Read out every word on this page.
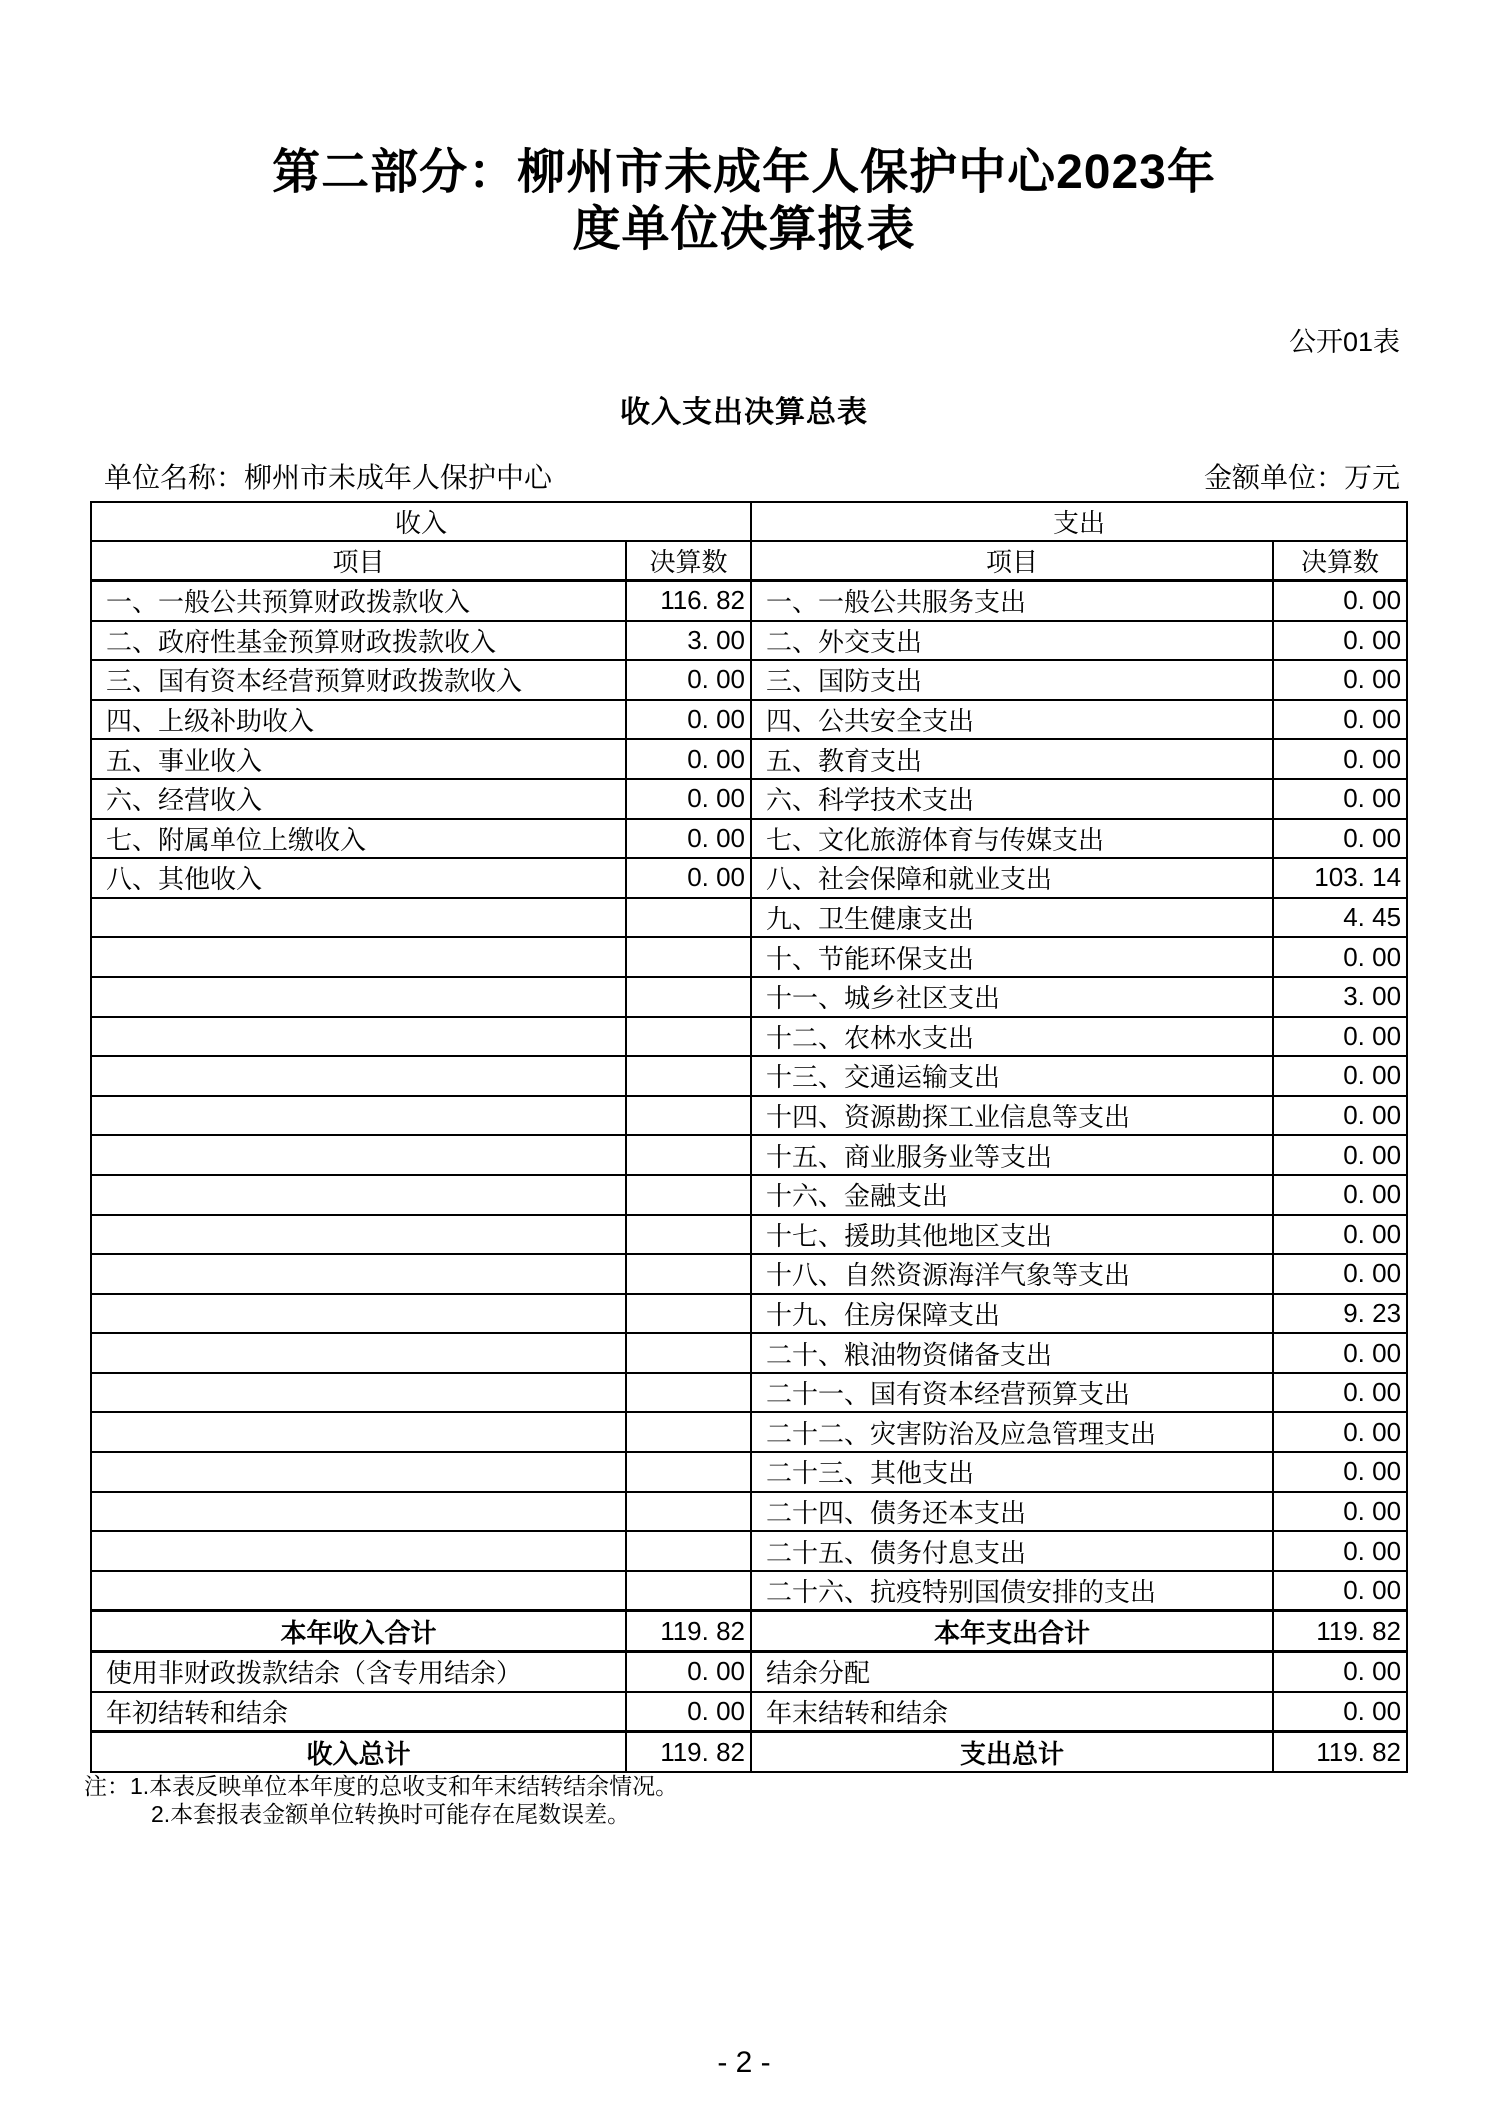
第二部分：柳州市未成年人保护中心2023年
度单位决算报表
公开01表
收入支出决算总表
单位名称：柳州市未成年人保护中心	金额单位：万元
收入		支出	
项目	决算数	项目	决算数
一、一般公共预算财政拨款收入	116. 82	一、一般公共服务支出	0. 00
二、政府性基金预算财政拨款收入	3. 00	二、外交支出	0. 00
三、国有资本经营预算财政拨款收入	0. 00	三、国防支出	0. 00
四、上级补助收入	0. 00	四、公共安全支出	0. 00
五、事业收入	0. 00	五、教育支出	0. 00
六、经营收入	0. 00	六、科学技术支出	0. 00
七、附属单位上缴收入	0. 00	七、文化旅游体育与传媒支出	0. 00
八、其他收入	0. 00	八、社会保障和就业支出	103. 14
		九、卫生健康支出	4. 45
		十、节能环保支出	0. 00
		十一、城乡社区支出	3. 00
		十二、农林水支出	0. 00
		十三、交通运输支出	0. 00
		十四、资源勘探工业信息等支出	0. 00
		十五、商业服务业等支出	0. 00
		十六、金融支出	0. 00
		十七、援助其他地区支出	0. 00
		十八、自然资源海洋气象等支出	0. 00
		十九、住房保障支出	9. 23
		二十、粮油物资储备支出	0. 00
		二十一、国有资本经营预算支出	0. 00
		二十二、灾害防治及应急管理支出	0. 00
		二十三、其他支出	0. 00
		二十四、债务还本支出	0. 00
		二十五、债务付息支出	0. 00
		二十六、抗疫特别国债安排的支出	0. 00
本年收入合计	119. 82	本年支出合计	119. 82
使用非财政拨款结余（含专用结余）	0. 00	结余分配	0. 00
年初结转和结余	0. 00	年末结转和结余	0. 00
收入总计	119. 82	支出总计	119. 82
注：1.本表反映单位本年度的总收支和年末结转结余情况。
2.本套报表金额单位转换时可能存在尾数误差。
- 2 -
